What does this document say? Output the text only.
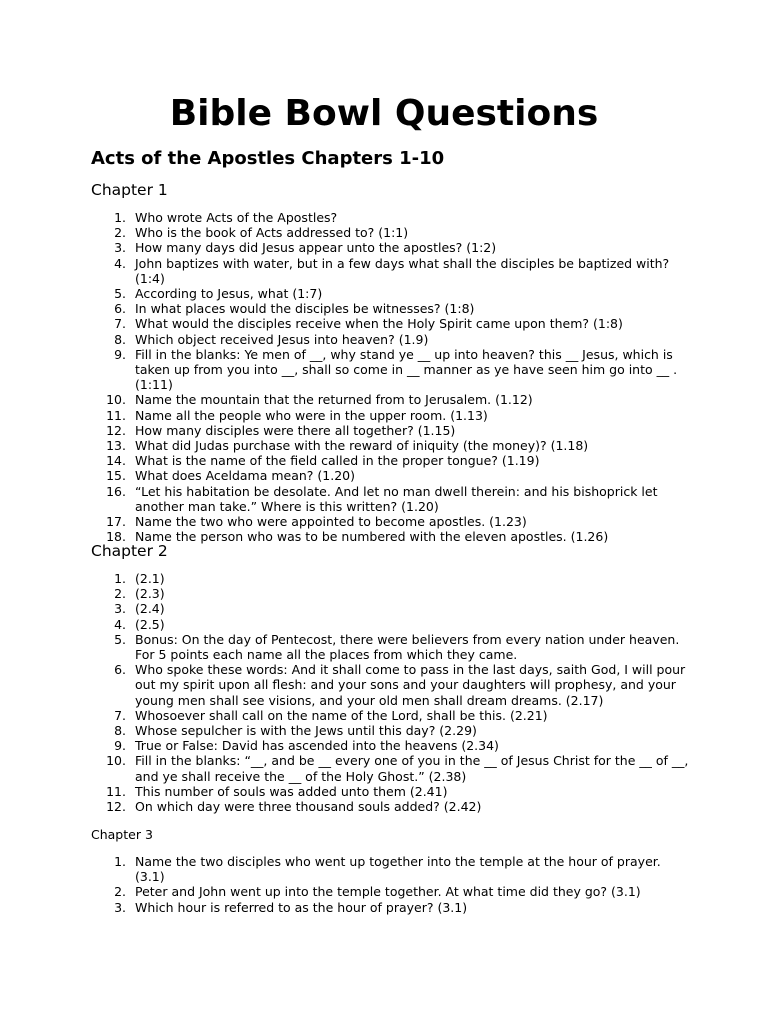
Bible Bowl Questions
Acts of the Apostles Chapters 1-10
Chapter 1
1. Who wrote Acts of the Apostles?
2. Who is the book of Acts addressed to? (1:1)
3. How many days did Jesus appear unto the apostles? (1:2)
4. John baptizes with water, but in a few days what shall the disciples be baptized with? (1:4)
5. According to Jesus, what (1:7)
6. In what places would the disciples be witnesses? (1:8)
7. What would the disciples receive when the Holy Spirit came upon them? (1:8)
8. Which object received Jesus into heaven? (1.9)
9. Fill in the blanks: Ye men of __, why stand ye __ up into heaven? this __ Jesus, which is taken up from you into __, shall so come in __ manner as ye have seen him go into __ .(1:11)
10. Name the mountain that the returned from to Jerusalem. (1.12)
11. Name all the people who were in the upper room. (1.13)
12. How many disciples were there all together? (1.15)
13. What did Judas purchase with the reward of iniquity (the money)? (1.18)
14. What is the name of the field called in the proper tongue? (1.19)
15. What does Aceldama mean? (1.20)
16. “Let his habitation be desolate. And let no man dwell therein: and his bishoprick let another man take.” Where is this written? (1.20)
17. Name the two who were appointed to become apostles. (1.23)
18. Name the person who was to be numbered with the eleven apostles. (1.26)
Chapter 2
1. (2.1)
2. (2.3)
3. (2.4)
4. (2.5)
5. Bonus: On the day of Pentecost, there were believers from every nation under heaven. For 5 points each name all the places from which they came.
6. Who spoke these words: And it shall come to pass in the last days, saith God, I will pour out my spirit upon all flesh: and your sons and your daughters will prophesy, and your young men shall see visions, and your old men shall dream dreams. (2.17)
7. Whosoever shall call on the name of the Lord, shall be this. (2.21)
8. Whose sepulcher is with the Jews until this day? (2.29)
9. True or False: David has ascended into the heavens (2.34)
10. Fill in the blanks: “__, and be __ every one of you in the __ of Jesus Christ for the __ of __, and ye shall receive the __ of the Holy Ghost.” (2.38)
11. This number of souls was added unto them (2.41)
12. On which day were three thousand souls added? (2.42)
Chapter 3
1. Name the two disciples who went up together into the temple at the hour of prayer. (3.1)
2. Peter and John went up into the temple together. At what time did they go? (3.1)
3. Which hour is referred to as the hour of prayer? (3.1)
